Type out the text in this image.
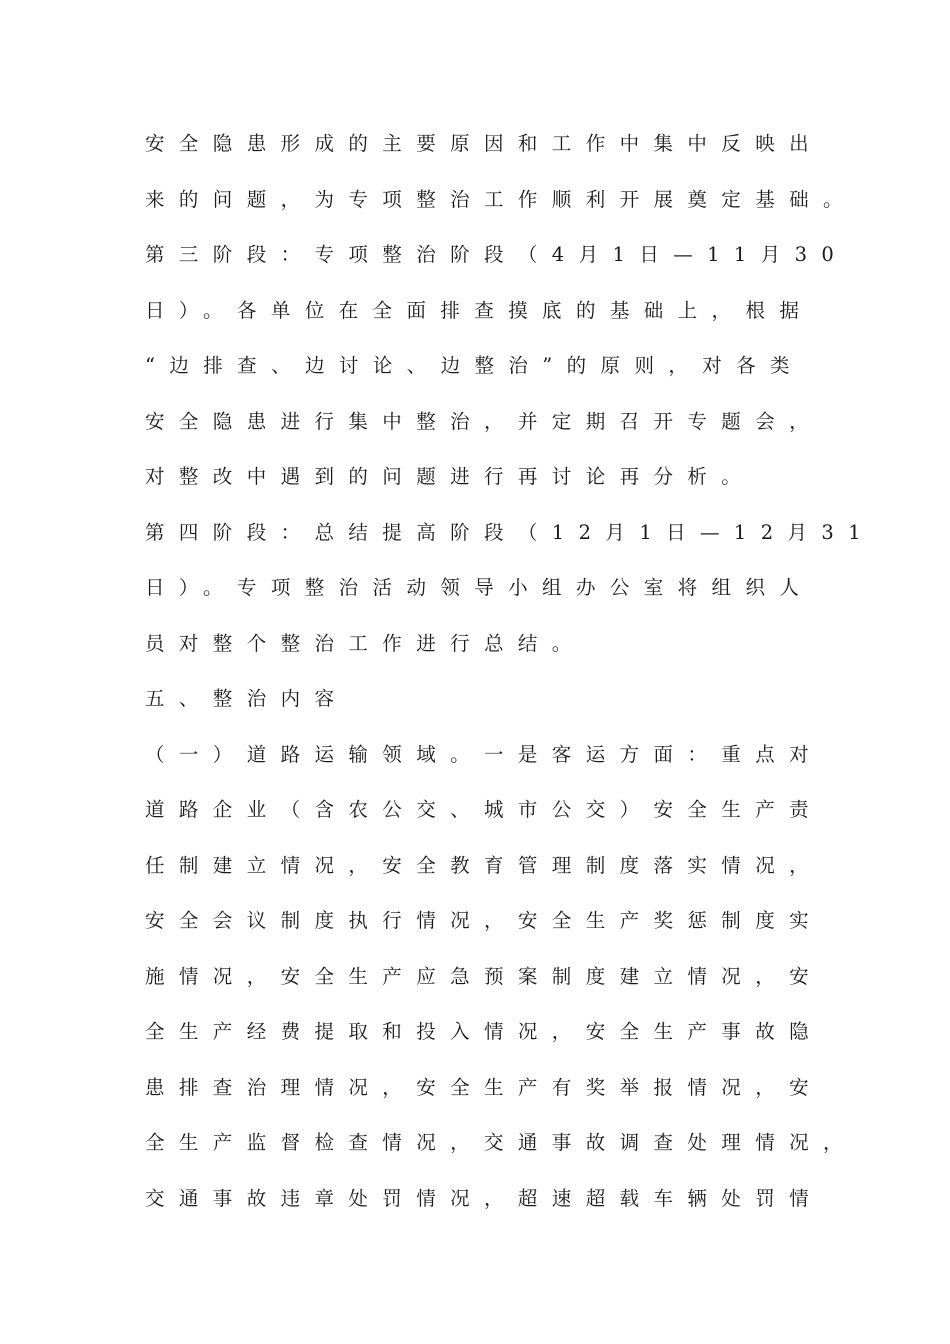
安全隐患形成的主要原因和工作中集中反映出
来的问题，为专项整治工作顺利开展奠定基础。
第三阶段：专项整治阶段（4月1日—11月30
日）。各单位在全面排查摸底的基础上，根据
“边排查、边讨论、边整治”的原则，对各类
安全隐患进行集中整治，并定期召开专题会，
对整改中遇到的问题进行再讨论再分析。
第四阶段：总结提高阶段（12月1日—12月31
日）。专项整治活动领导小组办公室将组织人
员对整个整治工作进行总结。
五、整治内容
（一）道路运输领域。一是客运方面：重点对
道路企业（含农公交、城市公交）安全生产责
任制建立情况，安全教育管理制度落实情况，
安全会议制度执行情况，安全生产奖惩制度实
施情况，安全生产应急预案制度建立情况，安
全生产经费提取和投入情况，安全生产事故隐
患排查治理情况，安全生产有奖举报情况，安
全生产监督检查情况，交通事故调查处理情况，
交通事故违章处罚情况，超速超载车辆处罚情
